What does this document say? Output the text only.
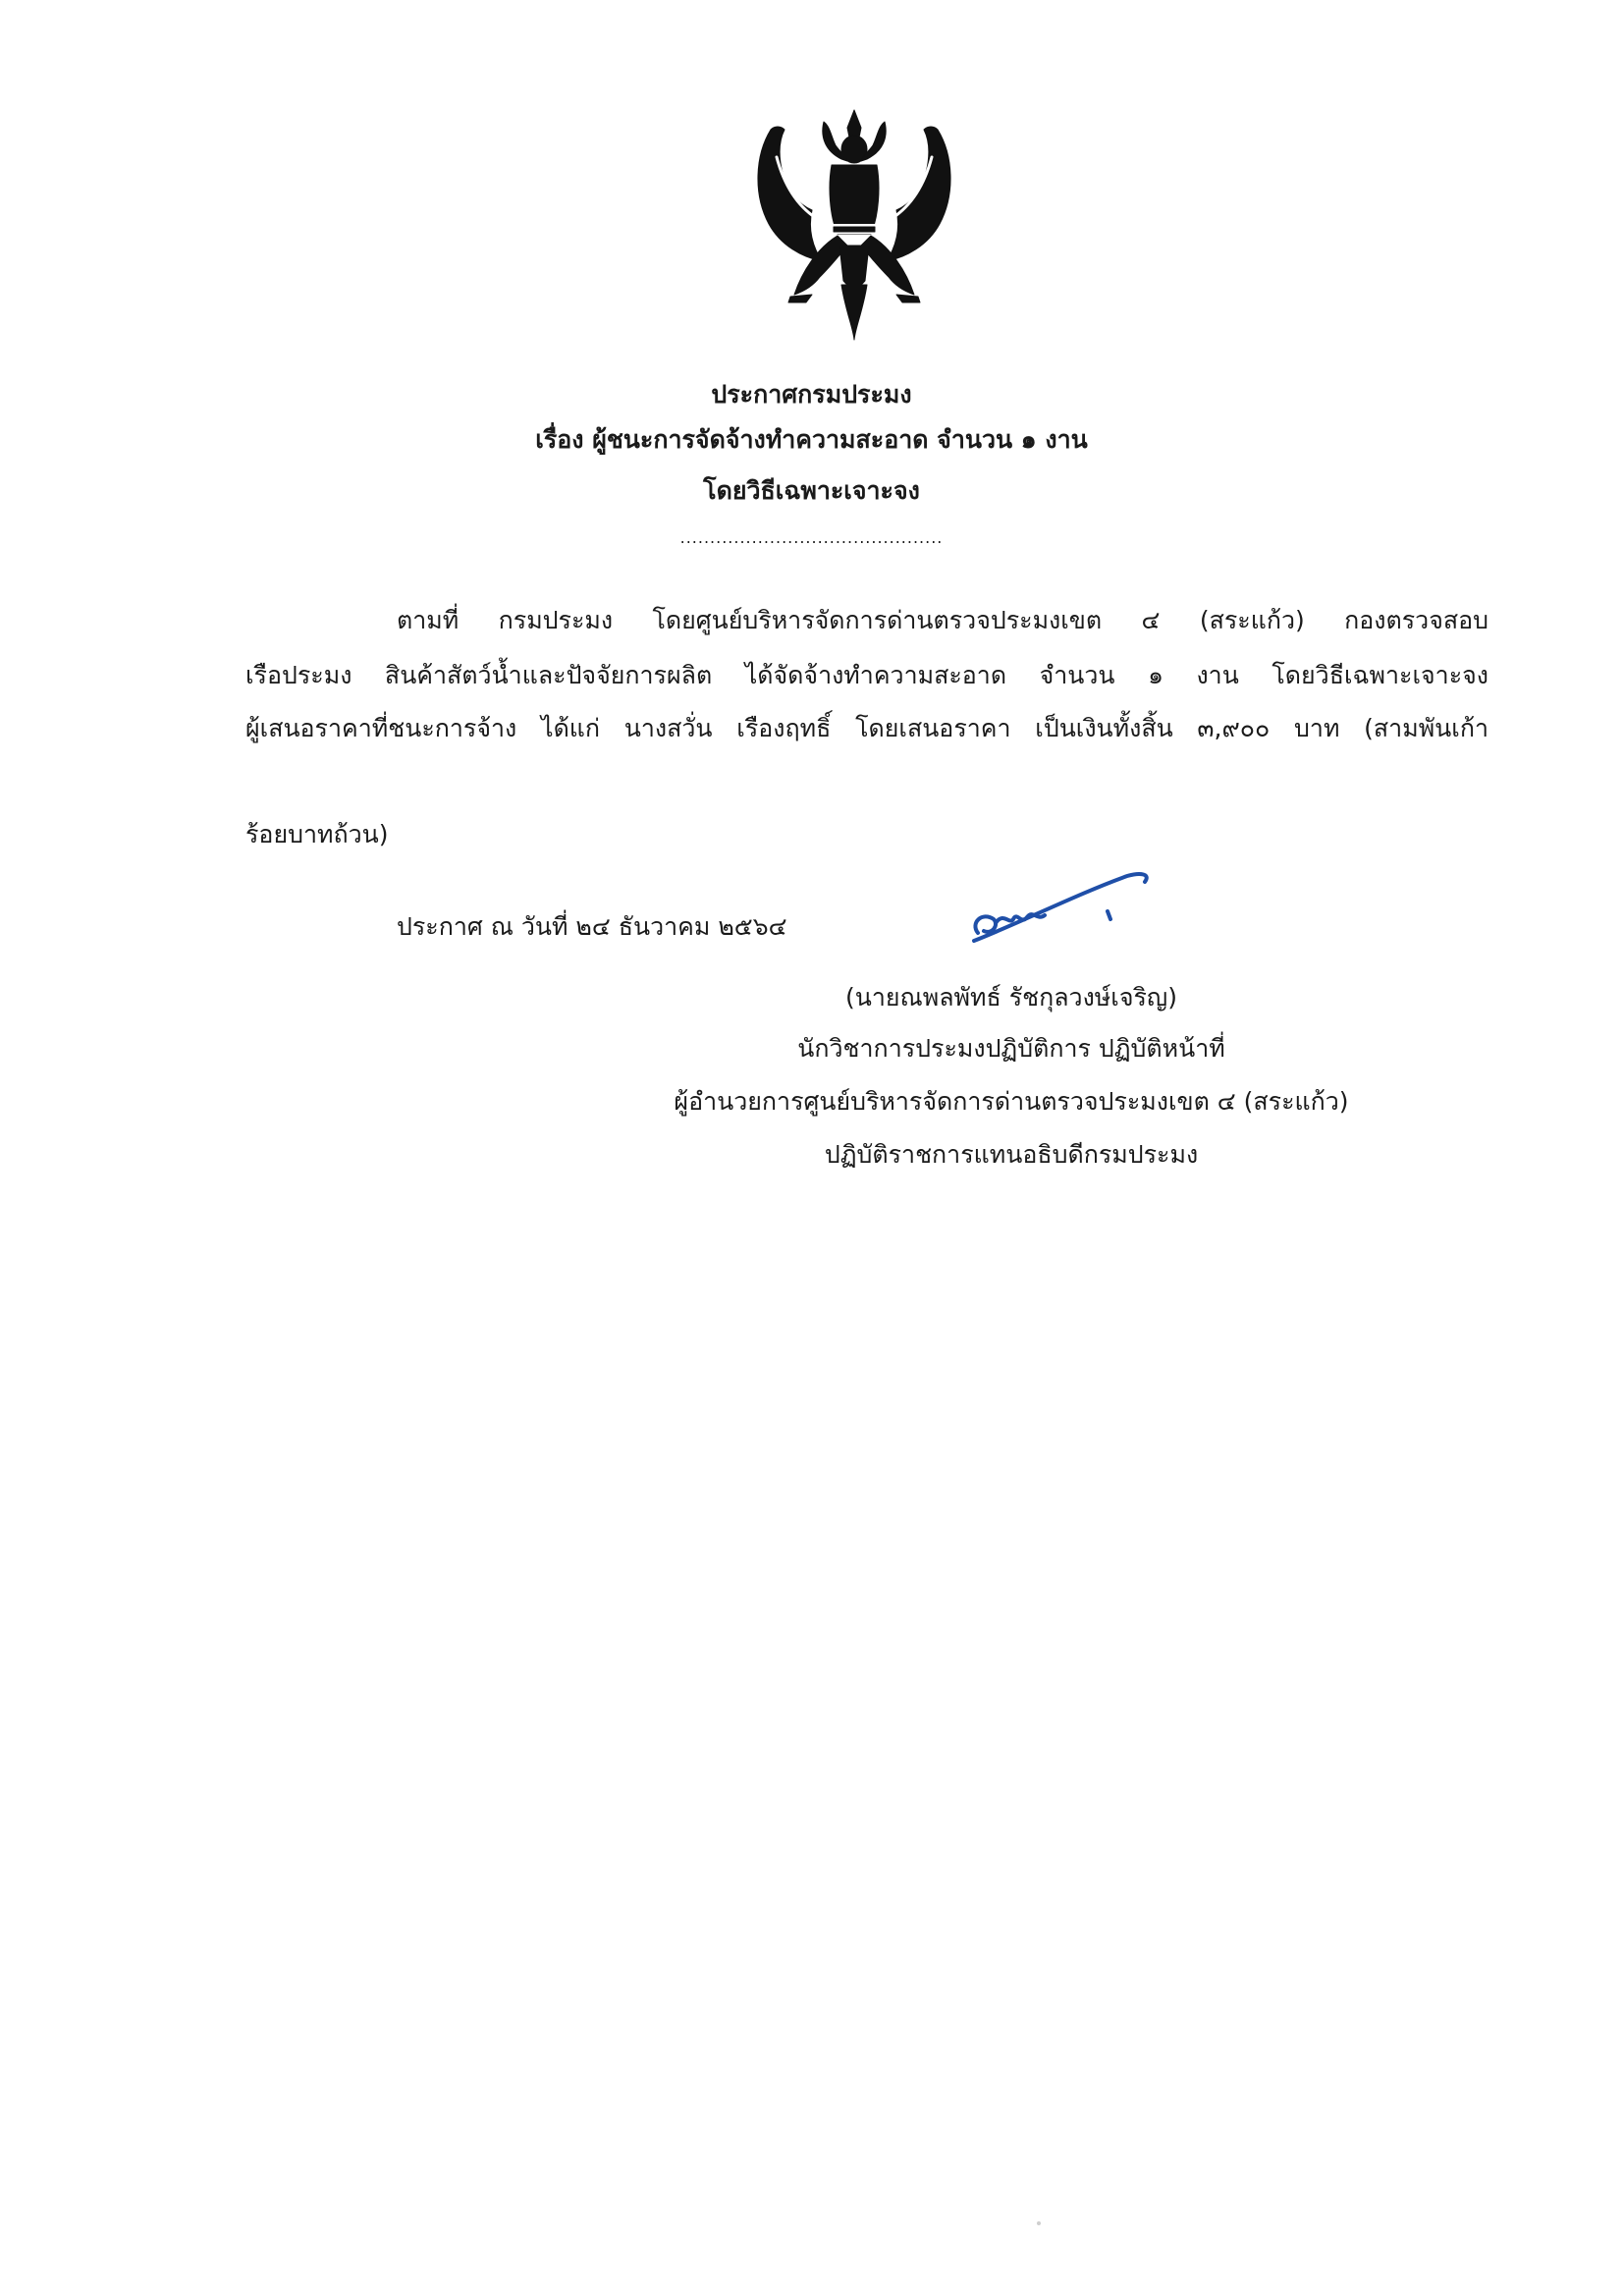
ประกาศกรมประมง
เรื่อง ผู้ชนะการจัดจ้างทำความสะอาด จำนวน ๑ งาน
โดยวิธีเฉพาะเจาะจง
............................................
ตามที่ กรมประมง โดยศูนย์บริหารจัดการด่านตรวจประมงเขต ๔ (สระแก้ว) กองตรวจสอบ
เรือประมง สินค้าสัตว์น้ำและปัจจัยการผลิต ได้จัดจ้างทำความสะอาด จำนวน ๑ งาน โดยวิธีเฉพาะเจาะจง
ผู้เสนอราคาที่ชนะการจ้าง ได้แก่ นางสวั่น เรืองฤทธิ์ โดยเสนอราคา เป็นเงินทั้งสิ้น ๓,๙๐๐ บาท (สามพันเก้า
ร้อยบาทถ้วน)
ประกาศ ณ วันที่ ๒๔ ธันวาคม ๒๕๖๔
(นายณพลพัทธ์ รัชกุลวงษ์เจริญ)
นักวิชาการประมงปฏิบัติการ ปฏิบัติหน้าที่
ผู้อำนวยการศูนย์บริหารจัดการด่านตรวจประมงเขต ๔ (สระแก้ว)
ปฏิบัติราชการแทนอธิบดีกรมประมง
